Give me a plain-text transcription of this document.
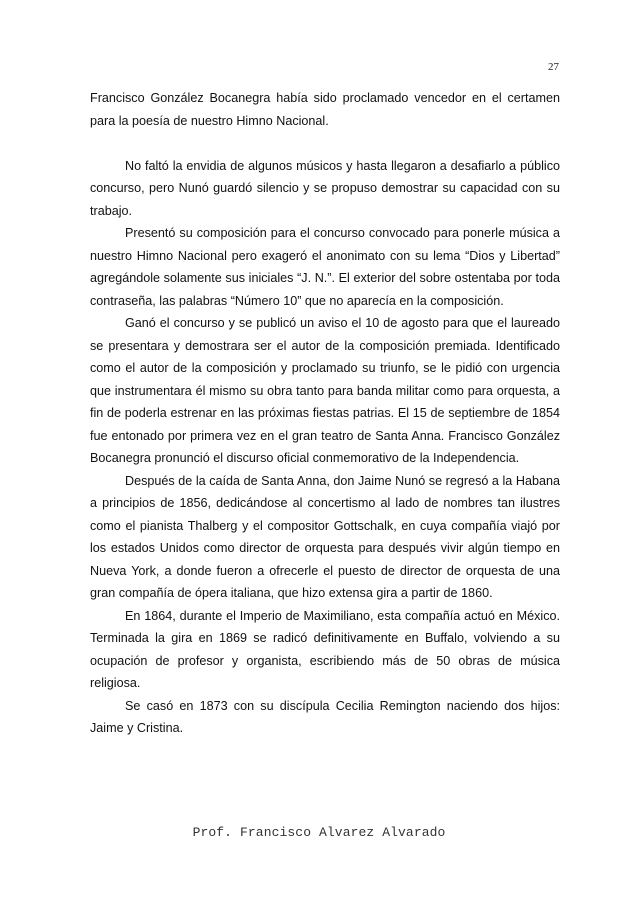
27

Francisco González Bocanegra había sido proclamado vencedor en el certamen para la poesía de nuestro Himno Nacional.

No faltó la envidia de algunos músicos y hasta llegaron a desafiarlo a público concurso, pero Nunó guardó silencio y se propuso demostrar su capacidad con su trabajo.

Presentó su composición para el concurso convocado para ponerle música a nuestro Himno Nacional pero exageró el anonimato con su lema “Dios y Libertad” agregándole solamente sus iniciales “J. N.”. El exterior del sobre ostentaba por toda contraseña, las palabras “Número 10” que no aparecía en la composición.

Ganó el concurso y se publicó un aviso el 10 de agosto para que el laureado se presentara y demostrara ser el autor de la composición premiada. Identificado como el autor de la composición y proclamado su triunfo, se le pidió con urgencia que instrumentara él mismo su obra tanto para banda militar como para orquesta, a fin de poderla estrenar en las próximas fiestas patrias. El 15 de septiembre de 1854 fue entonado por primera vez en el gran teatro de Santa Anna. Francisco González Bocanegra pronunció el discurso oficial conmemorativo de la Independencia.

Después de la caída de Santa Anna, don Jaime Nunó se regresó a la Habana a principios de 1856, dedicándose al concertismo al lado de nombres tan ilustres como el pianista Thalberg y el compositor Gottschalk, en cuya compañía viajó por los estados Unidos como director de orquesta para después vivir algún tiempo en Nueva York, a donde fueron a ofrecerle el puesto de director de orquesta de una gran compañía de ópera italiana, que hizo extensa gira a partir de 1860.

En 1864, durante el Imperio de Maximiliano, esta compañía actuó en México. Terminada la gira en 1869 se radicó definitivamente en Buffalo, volviendo a su ocupación de profesor y organista, escribiendo más de 50 obras de música religiosa.

Se casó en 1873 con su discípula Cecilia Remington naciendo dos hijos: Jaime y Cristina.

Prof. Francisco Alvarez Alvarado
